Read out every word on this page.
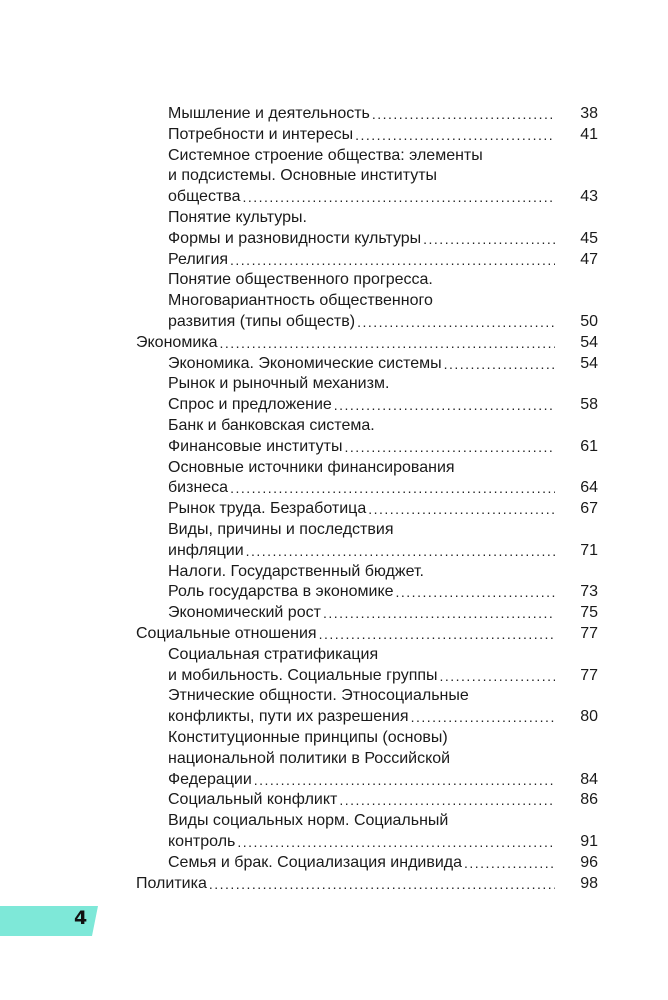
Мышление и деятельность . . .	38
Потребности и интересы . . .	41
Системное строение общества: элементы
и подсистемы. Основные институты
общества . . .	43
Понятие культуры.
Формы и разновидности культуры . . .	45
Религия . . .	47
Понятие общественного прогресса.
Многовариантность общественного
развития (типы обществ) . . .	50
Экономика . . .	54
Экономика. Экономические системы . . .	54
Рынок и рыночный механизм.
Спрос и предложение . . .	58
Банк и банковская система.
Финансовые институты . . .	61
Основные источники финансирования
бизнеса . . .	64
Рынок труда. Безработица . . .	67
Виды, причины и последствия
инфляции . . .	71
Налоги. Государственный бюджет.
Роль государства в экономике . . .	73
Экономический рост . . .	75
Социальные отношения . . .	77
Социальная стратификация
и мобильность. Социальные группы . . .	77
Этнические общности. Этносоциальные
конфликты, пути их разрешения . . .	80
Конституционные принципы (основы)
национальной политики в Российской
Федерации . . .	84
Социальный конфликт . . .	86
Виды социальных норм. Социальный
контроль . . .	91
Семья и брак. Социализация индивида . . .	96
Политика . . .	98
4
